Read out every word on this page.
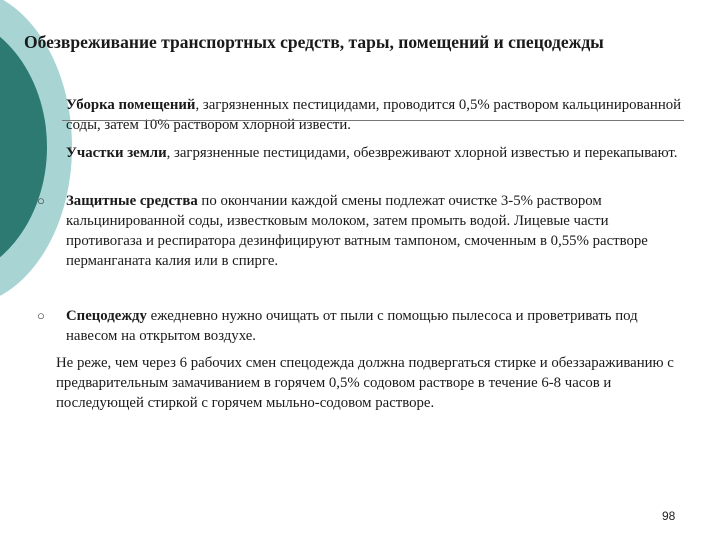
Обезвреживание транспортных средств, тары, помещений и спецодежды
Уборка помещений, загрязненных пестицидами, проводится 0,5% раствором кальцинированной соды, затем 10% раствором хлорной извести.
Участки земли, загрязненные пестицидами, обезвреживают хлорной известью и перекапывают.
○ Защитные средства по окончании каждой смены подлежат очистке 3-5% раствором кальцинированной соды, известковым молоком, затем промыть водой. Лицевые части противогаза и респиратора дезинфицируют ватным тампоном, смоченным в 0,55% растворе перманганата калия или в спирге.
○ Спецодежду ежедневно нужно очищать от пыли с помощью пылесоса и проветривать под навесом на открытом воздухе.
Не реже, чем через 6 рабочих смен спецодежда должна подвергаться стирке и обеззараживанию с предварительным замачиванием в горячем 0,5% содовом растворе в течение 6-8 часов и последующей стиркой с горячем мыльно-содовом растворе.
98
